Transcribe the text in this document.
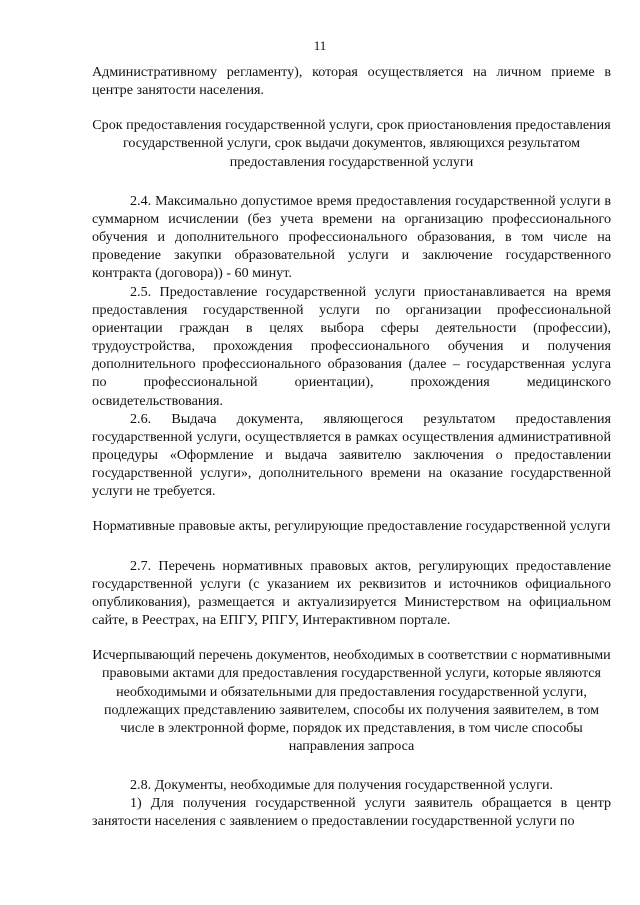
11

Административному регламенту), которая осуществляется на личном приеме в центре занятости населения.

Срок предоставления государственной услуги, срок приостановления предоставления государственной услуги, срок выдачи документов, являющихся результатом предоставления государственной услуги

2.4. Максимально допустимое время предоставления государственной услуги в суммарном исчислении (без учета времени на организацию профессионального обучения и дополнительного профессионального образования, в том числе на проведение закупки образовательной услуги и заключение государственного контракта (договора)) - 60 минут.

2.5. Предоставление государственной услуги приостанавливается на время предоставления государственной услуги по организации профессиональной ориентации граждан в целях выбора сферы деятельности (профессии), трудоустройства, прохождения профессионального обучения и получения дополнительного профессионального образования (далее – государственная услуга по профессиональной ориентации), прохождения медицинского освидетельствования.

2.6. Выдача документа, являющегося результатом предоставления государственной услуги, осуществляется в рамках осуществления административной процедуры «Оформление и выдача заявителю заключения о предоставлении государственной услуги», дополнительного времени на оказание государственной услуги не требуется.

Нормативные правовые акты, регулирующие предоставление государственной услуги

2.7. Перечень нормативных правовых актов, регулирующих предоставление государственной услуги (с указанием их реквизитов и источников официального опубликования), размещается и актуализируется Министерством на официальном сайте, в Реестрах, на ЕПГУ, РПГУ, Интерактивном портале.

Исчерпывающий перечень документов, необходимых в соответствии с нормативными правовыми актами для предоставления государственной услуги, которые являются необходимыми и обязательными для предоставления государственной услуги, подлежащих представлению заявителем, способы их получения заявителем, в том числе в электронной форме, порядок их представления, в том числе способы направления запроса

2.8. Документы, необходимые для получения государственной услуги.

1) Для получения государственной услуги заявитель обращается в центр занятости населения с заявлением о предоставлении государственной услуги по
